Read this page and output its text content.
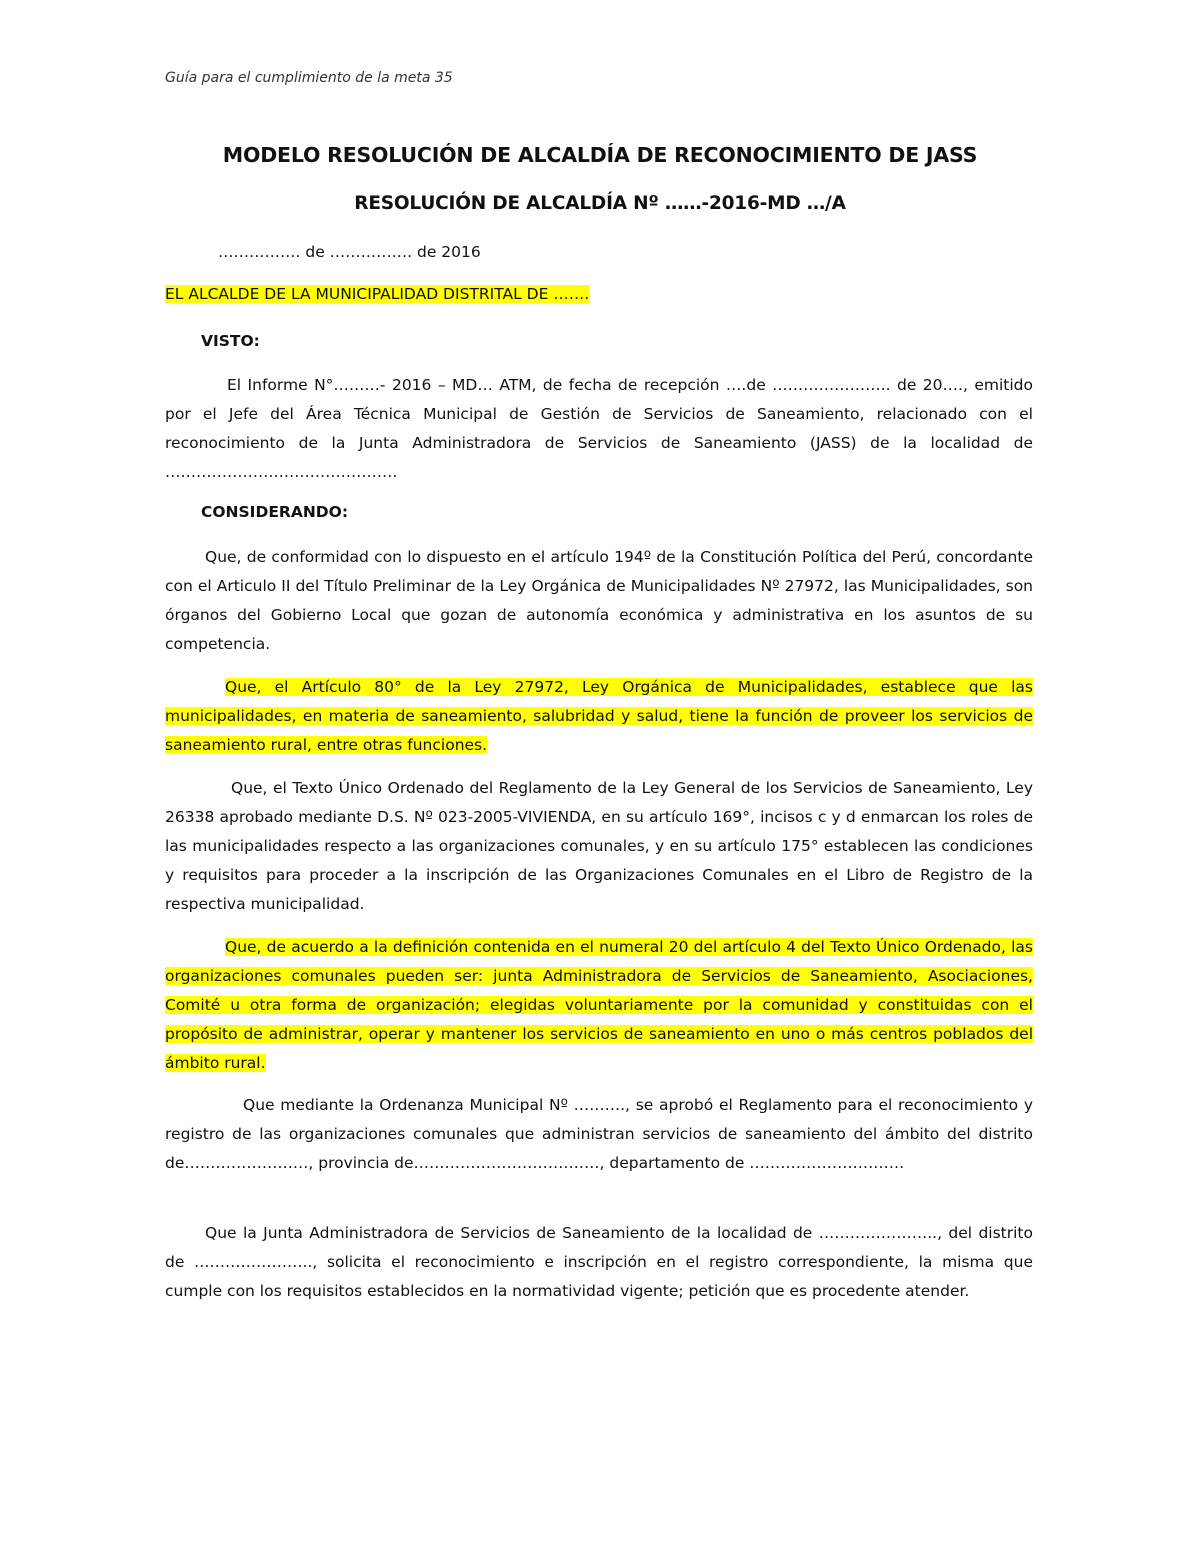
Guía para el cumplimiento de la meta 35
MODELO RESOLUCIÓN DE ALCALDÍA DE RECONOCIMIENTO DE JASS
RESOLUCIÓN DE ALCALDÍA Nº ……-2016-MD …/A
……………. de ……………. de 2016
EL ALCALDE DE LA MUNICIPALIDAD DISTRITAL DE …….
VISTO:
El Informe N°………- 2016 – MD… ATM, de fecha de recepción ….de ………………….. de 20…., emitido por el Jefe del Área Técnica Municipal de Gestión de Servicios de Saneamiento, relacionado con el reconocimiento de la Junta Administradora de Servicios de Saneamiento (JASS) de la localidad de ………………………………………
CONSIDERANDO:
Que, de conformidad con lo dispuesto en el artículo 194º de la Constitución Política del Perú, concordante con el Articulo II del Título Preliminar de la Ley Orgánica de Municipalidades Nº 27972, las Municipalidades, son órganos del Gobierno Local que gozan de autonomía económica y administrativa en los asuntos de su competencia.
Que, el Artículo 80° de la Ley 27972, Ley Orgánica de Municipalidades, establece que las municipalidades, en materia de saneamiento, salubridad y salud, tiene la función de proveer los servicios de saneamiento rural, entre otras funciones.
Que, el Texto Único Ordenado del Reglamento de la Ley General de los Servicios de Saneamiento, Ley 26338 aprobado mediante D.S. Nº 023-2005-VIVIENDA, en su artículo 169°, incisos c y d enmarcan los roles de las municipalidades respecto a las organizaciones comunales, y en su artículo 175° establecen las condiciones y requisitos para proceder a la inscripción de las Organizaciones Comunales en el Libro de Registro de la respectiva municipalidad.
Que, de acuerdo a la definición contenida en el numeral 20 del artículo 4 del Texto Único Ordenado, las organizaciones comunales pueden ser: junta Administradora de Servicios de Saneamiento, Asociaciones, Comité u otra forma de organización; elegidas voluntariamente por la comunidad y constituidas con el propósito de administrar, operar y mantener los servicios de saneamiento en uno o más centros poblados del ámbito rural.
Que mediante la Ordenanza Municipal Nº ………., se aprobó el Reglamento para el reconocimiento y registro de las organizaciones comunales que administran servicios de saneamiento del ámbito del distrito de……………………, provincia de………………………………, departamento de …………………………
Que la Junta Administradora de Servicios de Saneamiento de la localidad de ………………….., del distrito de ………………….., solicita el reconocimiento e inscripción en el registro correspondiente, la misma que cumple con los requisitos establecidos en la normatividad vigente; petición que es procedente atender.
